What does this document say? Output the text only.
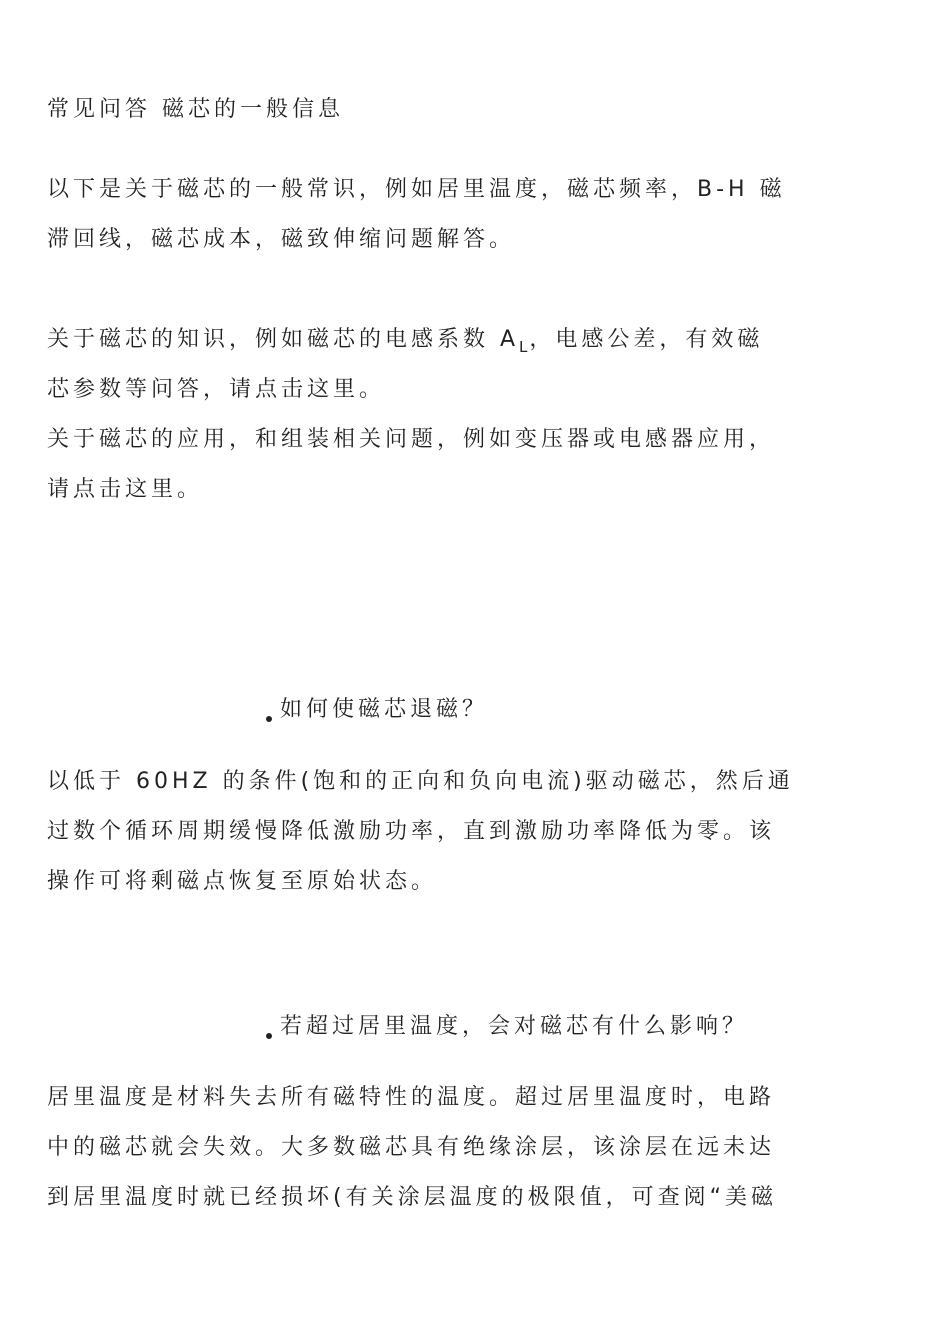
常见问答 磁芯的一般信息

以下是关于磁芯的一般常识，例如居里温度，磁芯频率，B-H 磁

滞回线，磁芯成本，磁致伸缩问题解答。

关于磁芯的知识，例如磁芯的电感系数 $A_L$，电感公差，有效磁

芯参数等问答，请点击这里。

关于磁芯的应用，和组装相关问题，例如变压器或电感器应用，

请点击这里。

如何使磁芯退磁？

以低于 60HZ 的条件(饱和的正向和负向电流)驱动磁芯，然后通

过数个循环周期缓慢降低激励功率，直到激励功率降低为零。该

操作可将剩磁点恢复至原始状态。

若超过居里温度，会对磁芯有什么影响？

居里温度是材料失去所有磁特性的温度。超过居里温度时，电路

中的磁芯就会失效。大多数磁芯具有绝缘涂层，该涂层在远未达

到居里温度时就已经损坏(有关涂层温度的极限值，可查阅“美磁
